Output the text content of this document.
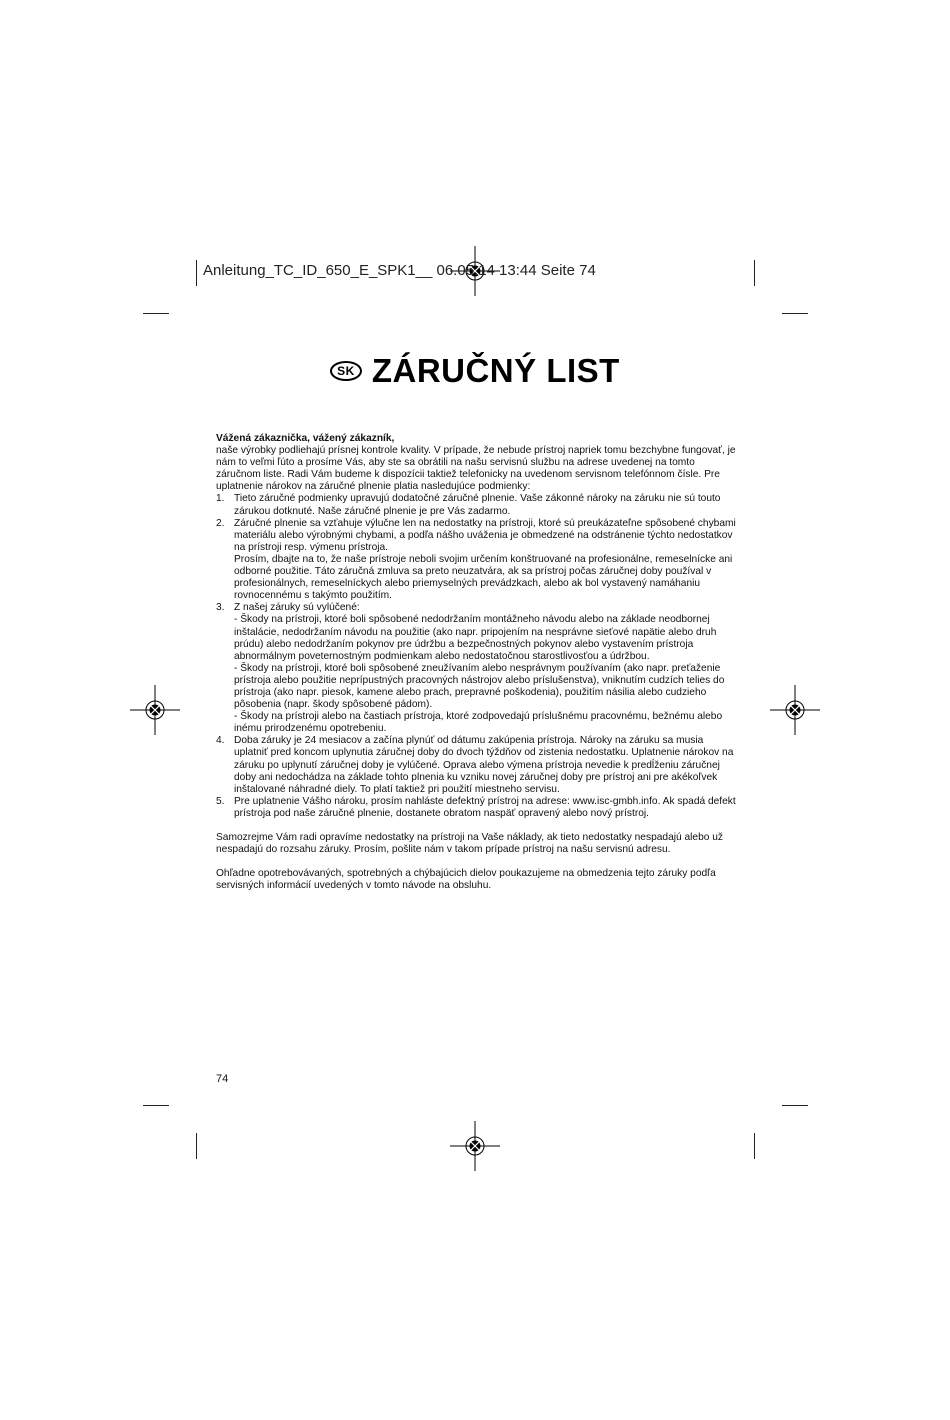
Anleitung_TC_ID_650_E_SPK1__ 06.05.14 13:44 Seite 74
SK ZÁRUČNÝ LIST

Vážená zákaznička, vážený zákazník,

naše výrobky podliehajú prísnej kontrole kvality. V prípade, že nebude prístroj napriek tomu bezchybne fungovať, je nám to veľmi ľúto a prosíme Vás, aby ste sa obrátili na našu servisnú službu na adrese uvedenej na tomto záručnom liste. Radi Vám budeme k dispozícii taktiež telefonicky na uvedenom servisnom telefónnom čísle. Pre uplatnenie nárokov na záručné plnenie platia nasledujúce podmienky:

1. Tieto záručné podmienky upravujú dodatočné záručné plnenie. Vaše zákonné nároky na záruku nie sú touto zárukou dotknuté. Naše záručné plnenie je pre Vás zadarmo.

2. Záručné plnenie sa vzťahuje výlučne len na nedostatky na prístroji, ktoré sú preukázateľne spôsobené chybami materiálu alebo výrobnými chybami, a podľa nášho uváženia je obmedzené na odstránenie týchto nedostatkov na prístroji resp. výmenu prístroja.

Prosím, dbajte na to, že naše prístroje neboli svojim určením konštruované na profesionálne, remeselnícke ani odborné použitie. Táto záručná zmluva sa preto neuzatvára, ak sa prístroj počas záručnej doby používal v profesionálnych, remeselníckych alebo priemyselných prevádzkach, alebo ak bol vystavený namáhaniu rovnocennému s takýmto použitím.

3. Z našej záruky sú vylúčené:

- Škody na prístroji, ktoré boli spôsobené nedodržaním montážneho návodu alebo na základe neodbornej inštalácie, nedodržaním návodu na použitie (ako napr. pripojením na nesprávne sieťové napätie alebo druh prúdu) alebo nedodržaním pokynov pre údržbu a bezpečnostných pokynov alebo vystavením prístroja abnormálnym poveternostným podmienkam alebo nedostatočnou starostlivosťou a údržbou.

- Škody na prístroji, ktoré boli spôsobené zneužívaním alebo nesprávnym používaním (ako napr. preťaženie prístroja alebo použitie neprípustných pracovných nástrojov alebo príslušenstva), vniknutím cudzích telies do prístroja (ako napr. piesok, kamene alebo prach, prepravné poškodenia), použitím násilia alebo cudzieho pôsobenia (napr. škody spôsobené pádom).

- Škody na prístroji alebo na častiach prístroja, ktoré zodpovedajú príslušnému pracovnému, bežnému alebo inému prirodzenému opotrebeniu.

4. Doba záruky je 24 mesiacov a začína plynúť od dátumu zakúpenia prístroja. Nároky na záruku sa musia uplatniť pred koncom uplynutia záručnej doby do dvoch týždňov od zistenia nedostatku. Uplatnenie nárokov na záruku po uplynutí záručnej doby je vylúčené. Oprava alebo výmena prístroja nevedie k predĺženiu záručnej doby ani nedochádza na základe tohto plnenia ku vzniku novej záručnej doby pre prístroj ani pre akékoľvek inštalované náhradné diely. To platí taktiež pri použití miestneho servisu.

5. Pre uplatnenie Vášho nároku, prosím nahláste defektný prístroj na adrese: www.isc-gmbh.info. Ak spadá defekt prístroja pod naše záručné plnenie, dostanete obratom naspäť opravený alebo nový prístroj.

Samozrejme Vám radi opravíme nedostatky na prístroji na Vaše náklady, ak tieto nedostatky nespadajú alebo už nespadajú do rozsahu záruky. Prosím, pošlite nám v takom prípade prístroj na našu servisnú adresu.

Ohľadne opotrebovávaných, spotrebných a chýbajúcich dielov poukazujeme na obmedzenia tejto záruky podľa servisných informácií uvedených v tomto návode na obsluhu.

74
